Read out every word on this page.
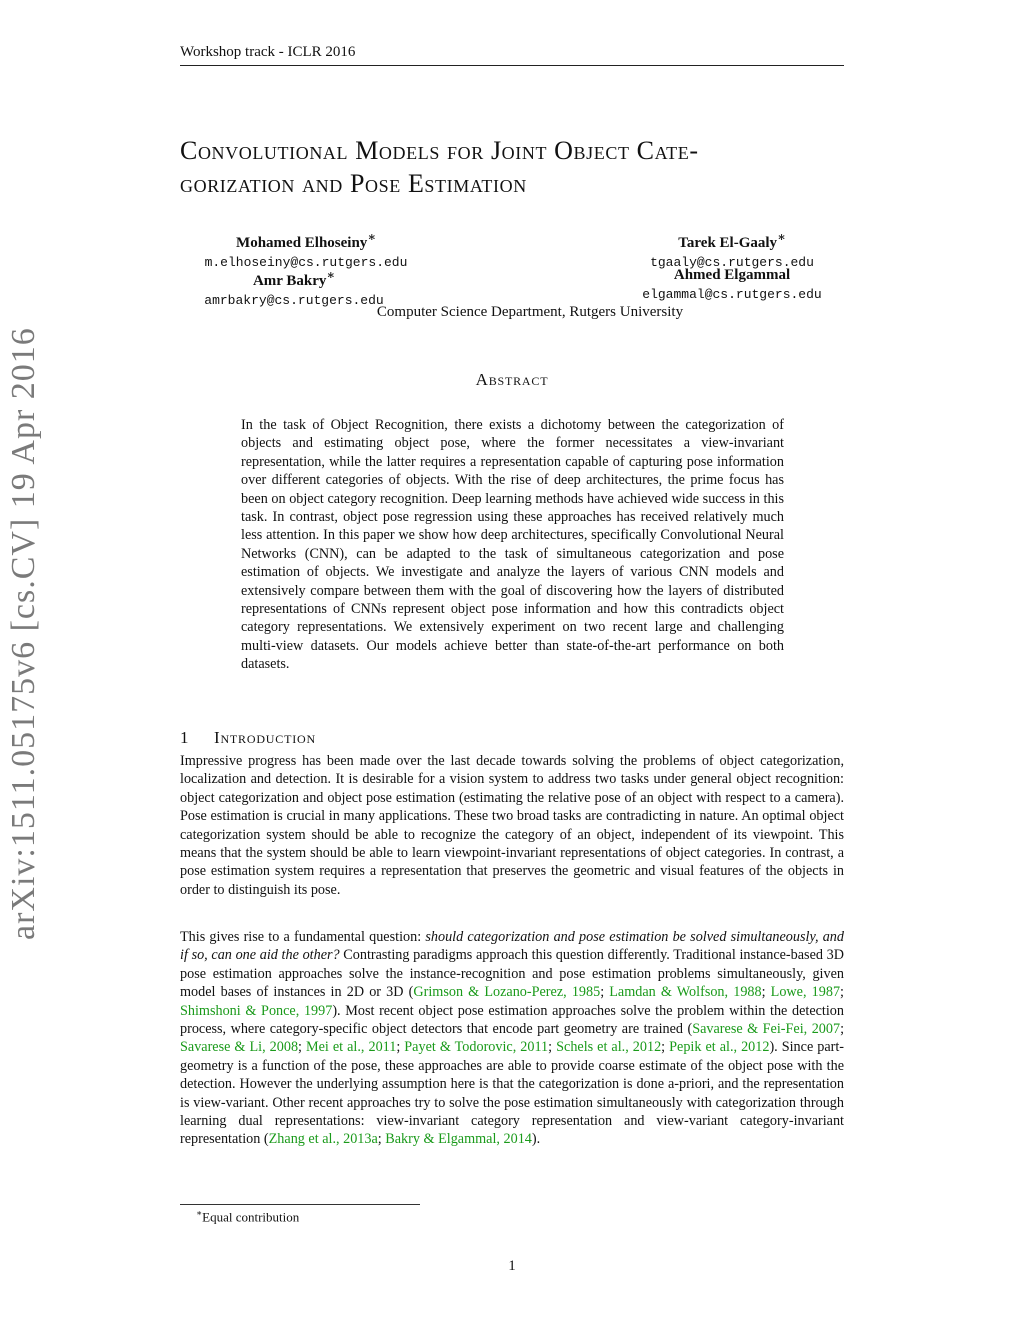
Workshop track - ICLR 2016
Convolutional Models for Joint Object Cate-
gorization and Pose Estimation
Mohamed Elhoseiny∗
m.elhoseiny@cs.rutgers.edu
Tarek El-Gaaly∗
tgaaly@cs.rutgers.edu
Amr Bakry∗
amrbakry@cs.rutgers.edu
Ahmed Elgammal
elgammal@cs.rutgers.edu
Computer Science Department, Rutgers University
Abstract
In the task of Object Recognition, there exists a dichotomy between the categorization of objects and estimating object pose, where the former necessitates a view-invariant representation, while the latter requires a representation capable of capturing pose information over different categories of objects. With the rise of deep architectures, the prime focus has been on object category recognition. Deep learning methods have achieved wide success in this task. In contrast, object pose regression using these approaches has received relatively much less attention. In this paper we show how deep architectures, specifically Convolutional Neural Networks (CNN), can be adapted to the task of simultaneous categorization and pose estimation of objects. We investigate and analyze the layers of various CNN models and extensively compare between them with the goal of discovering how the layers of distributed representations of CNNs represent object pose information and how this contradicts object category representations. We extensively experiment on two recent large and challenging multi-view datasets. Our models achieve better than state-of-the-art performance on both datasets.
1 Introduction

Impressive progress has been made over the last decade towards solving the problems of object categorization, localization and detection. It is desirable for a vision system to address two tasks under general object recognition: object categorization and object pose estimation (estimating the relative pose of an object with respect to a camera). Pose estimation is crucial in many applications. These two broad tasks are contradicting in nature. An optimal object categorization system should be able to recognize the category of an object, independent of its viewpoint. This means that the system should be able to learn viewpoint-invariant representations of object categories. In contrast, a pose estimation system requires a representation that preserves the geometric and visual features of the objects in order to distinguish its pose.

This gives rise to a fundamental question: should categorization and pose estimation be solved simultaneously, and if so, can one aid the other? Contrasting paradigms approach this question differently. Traditional instance-based 3D pose estimation approaches solve the instance-recognition and pose estimation problems simultaneously, given model bases of instances in 2D or 3D (Grimson & Lozano-Perez, 1985; Lamdan & Wolfson, 1988; Lowe, 1987; Shimshoni & Ponce, 1997). Most recent object pose estimation approaches solve the problem within the detection process, where category-specific object detectors that encode part geometry are trained (Savarese & Fei-Fei, 2007; Savarese & Li, 2008; Mei et al., 2011; Payet & Todorovic, 2011; Schels et al., 2012; Pepik et al., 2012). Since part-geometry is a function of the pose, these approaches are able to provide coarse estimate of the object pose with the detection. However the underlying assumption here is that the categorization is done a-priori, and the representation is view-variant. Other recent approaches try to solve the pose estimation simultaneously with categorization through learning dual representations: view-invariant category representation and view-variant category-invariant representation (Zhang et al., 2013a; Bakry & Elgammal, 2014).

∗Equal contribution
1
arXiv:1511.05175v6 [cs.CV] 19 Apr 2016
